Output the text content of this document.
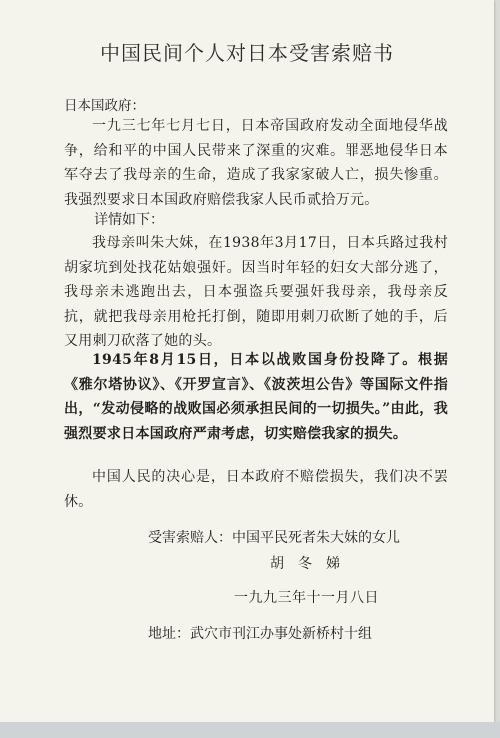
中国民间个人对日本受害索赔书
日本国政府：
一九三七年七月七日，日本帝国政府发动全面地侵华战争，给和平的中国人民带来了深重的灾难。罪恶地侵华日本军夺去了我母亲的生命，造成了我家家破人亡，损失惨重。我强烈要求日本国政府赔偿我家人民币贰拾万元。
详情如下：
我母亲叫朱大妹，在1938年3月17日，日本兵路过我村胡家坑到处找花姑娘强奸。因当时年轻的妇女大部分逃了，我母亲未逃跑出去，日本强盗兵要强奸我母亲，我母亲反抗，就把我母亲用枪托打倒，随即用刺刀砍断了她的手，后又用刺刀砍落了她的头。
1945年8月15日，日本以战败国身份投降了。根据《雅尔塔协议》、《开罗宣言》、《波茨坦公告》等国际文件指出，“发动侵略的战败国必须承担民间的一切损失。”由此，我强烈要求日本国政府严肃考虑，切实赔偿我家的损失。
中国人民的决心是，日本政府不赔偿损失，我们决不罢休。
受害索赔人：中国平民死者朱大妹的女儿
胡冬娣
一九九三年十一月八日
地址：武穴市刊江办事处新桥村十组
